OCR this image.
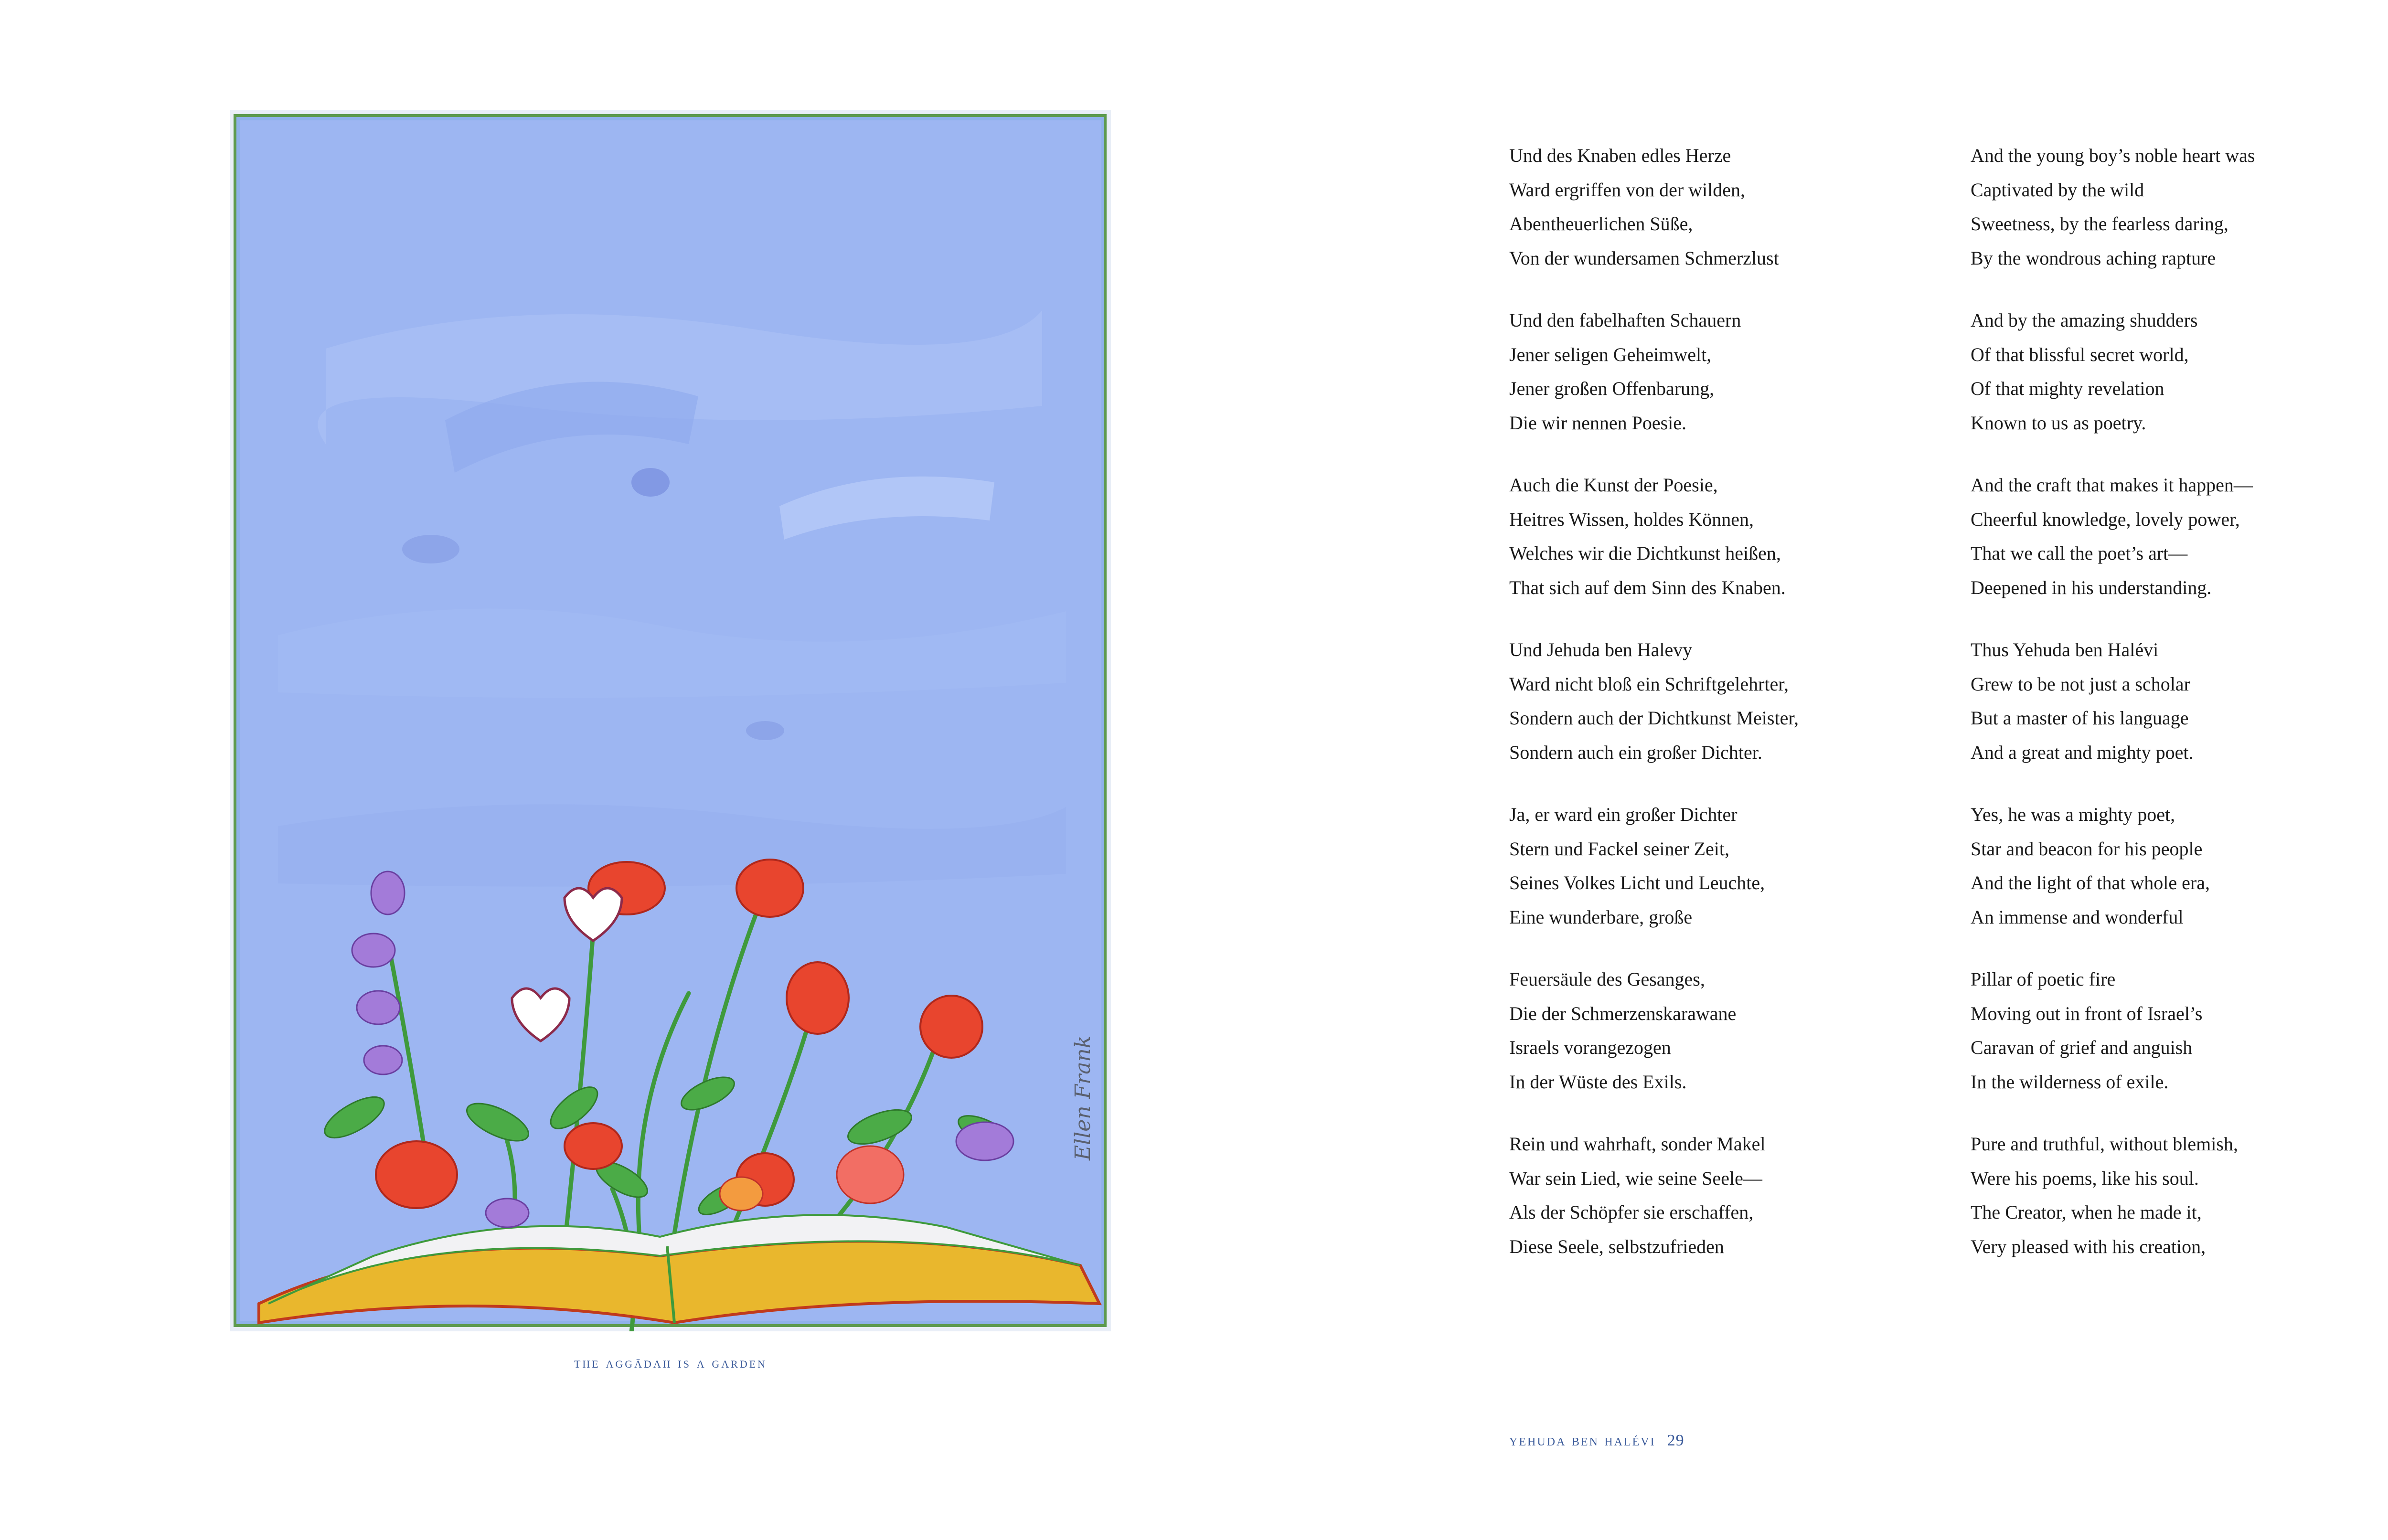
Ellen Frank
the aggādah is a garden
Und des Knaben edles Herze
Ward ergriffen von der wilden,
Abentheuerlichen Süße,
Von der wundersamen Schmerzlust
Und den fabelhaften Schauern
Jener seligen Geheimwelt,
Jener großen Offenbarung,
Die wir nennen Poesie.
Auch die Kunst der Poesie,
Heitres Wissen, holdes Können,
Welches wir die Dichtkunst heißen,
That sich auf dem Sinn des Knaben.
Und Jehuda ben Halevy
Ward nicht bloß ein Schriftgelehrter,
Sondern auch der Dichtkunst Meister,
Sondern auch ein großer Dichter.
Ja, er ward ein großer Dichter
Stern und Fackel seiner Zeit,
Seines Volkes Licht und Leuchte,
Eine wunderbare, große
Feuersäule des Gesanges,
Die der Schmerzenskarawane
Israels vorangezogen
In der Wüste des Exils.
Rein und wahrhaft, sonder Makel
War sein Lied, wie seine Seele—
Als der Schöpfer sie erschaffen,
Diese Seele, selbstzufrieden
And the young boy’s noble heart was
Captivated by the wild
Sweetness, by the fearless daring,
By the wondrous aching rapture
And by the amazing shudders
Of that blissful secret world,
Of that mighty revelation
Known to us as poetry.
And the craft that makes it happen—
Cheerful knowledge, lovely power,
That we call the poet’s art—
Deepened in his understanding.
Thus Yehuda ben Halévi
Grew to be not just a scholar
But a master of his language
And a great and mighty poet.
Yes, he was a mighty poet,
Star and beacon for his people
And the light of that whole era,
An immense and wonderful
Pillar of poetic fire
Moving out in front of Israel’s
Caravan of grief and anguish
In the wilderness of exile.
Pure and truthful, without blemish,
Were his poems, like his soul.
The Creator, when he made it,
Very pleased with his creation,
yehuda ben halévi 29
